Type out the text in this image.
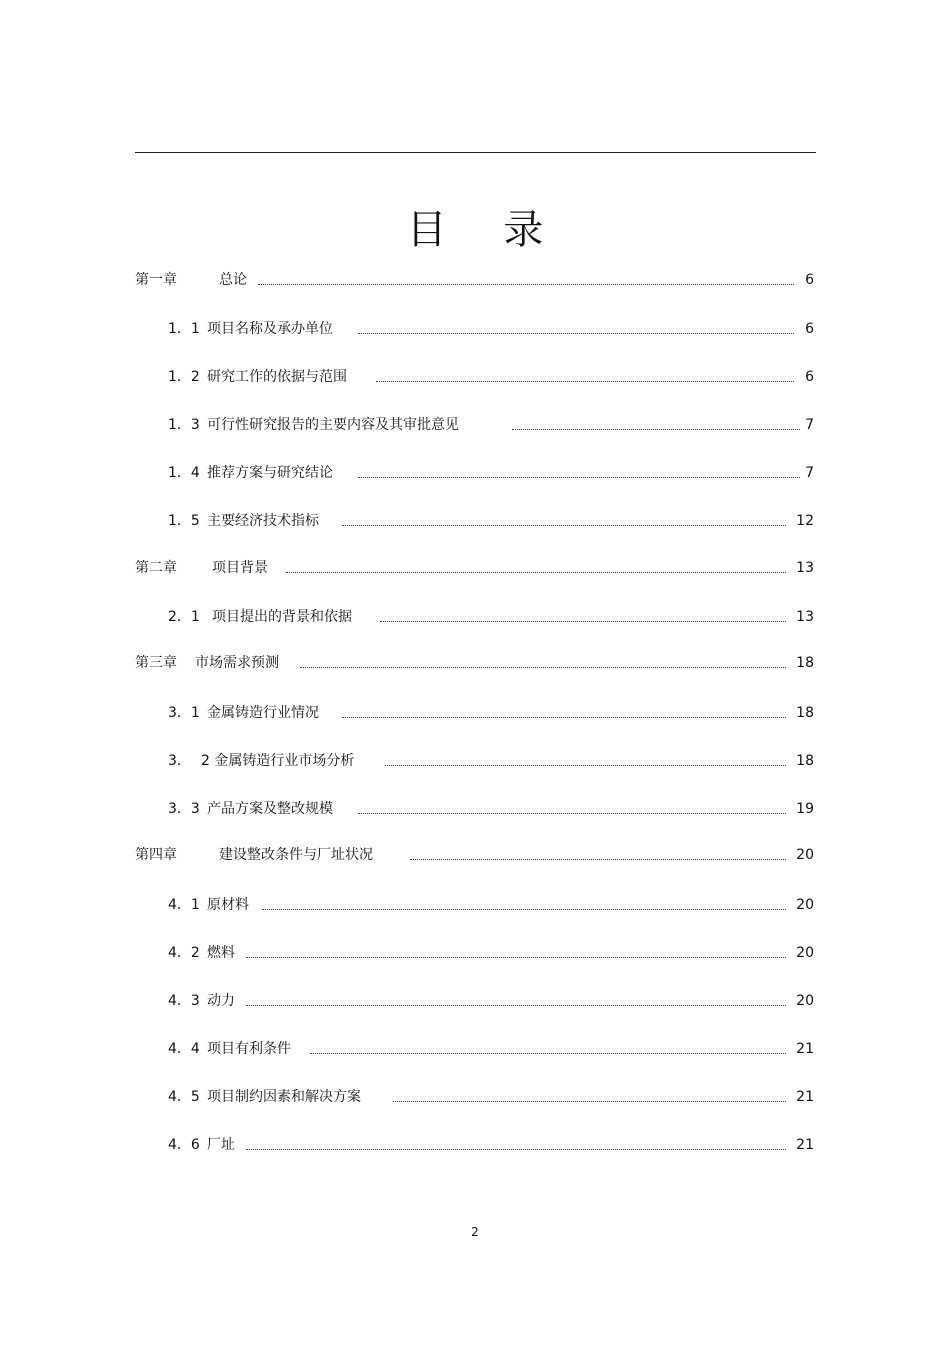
目 录
第一章	总论	6
1．1 项目名称及承办单位	6
1．2 研究工作的依据与范围	6
1．3 可行性研究报告的主要内容及其审批意见	7
1．4 推荐方案与研究结论	7
1．5 主要经济技术指标	12
第二章	项目背景	13
2．1 项目提出的背景和依据	13
第三章 市场需求预测	18
3．1 金属铸造行业情况	18
3． 2 金属铸造行业市场分析	18
3．3 产品方案及整改规模	19
第四章	建设整改条件与厂址状况	20
4．1 原材料	20
4．2 燃料	20
4．3 动力	20
4．4 项目有利条件	21
4．5 项目制约因素和解决方案	21
4．6 厂址	21
2
